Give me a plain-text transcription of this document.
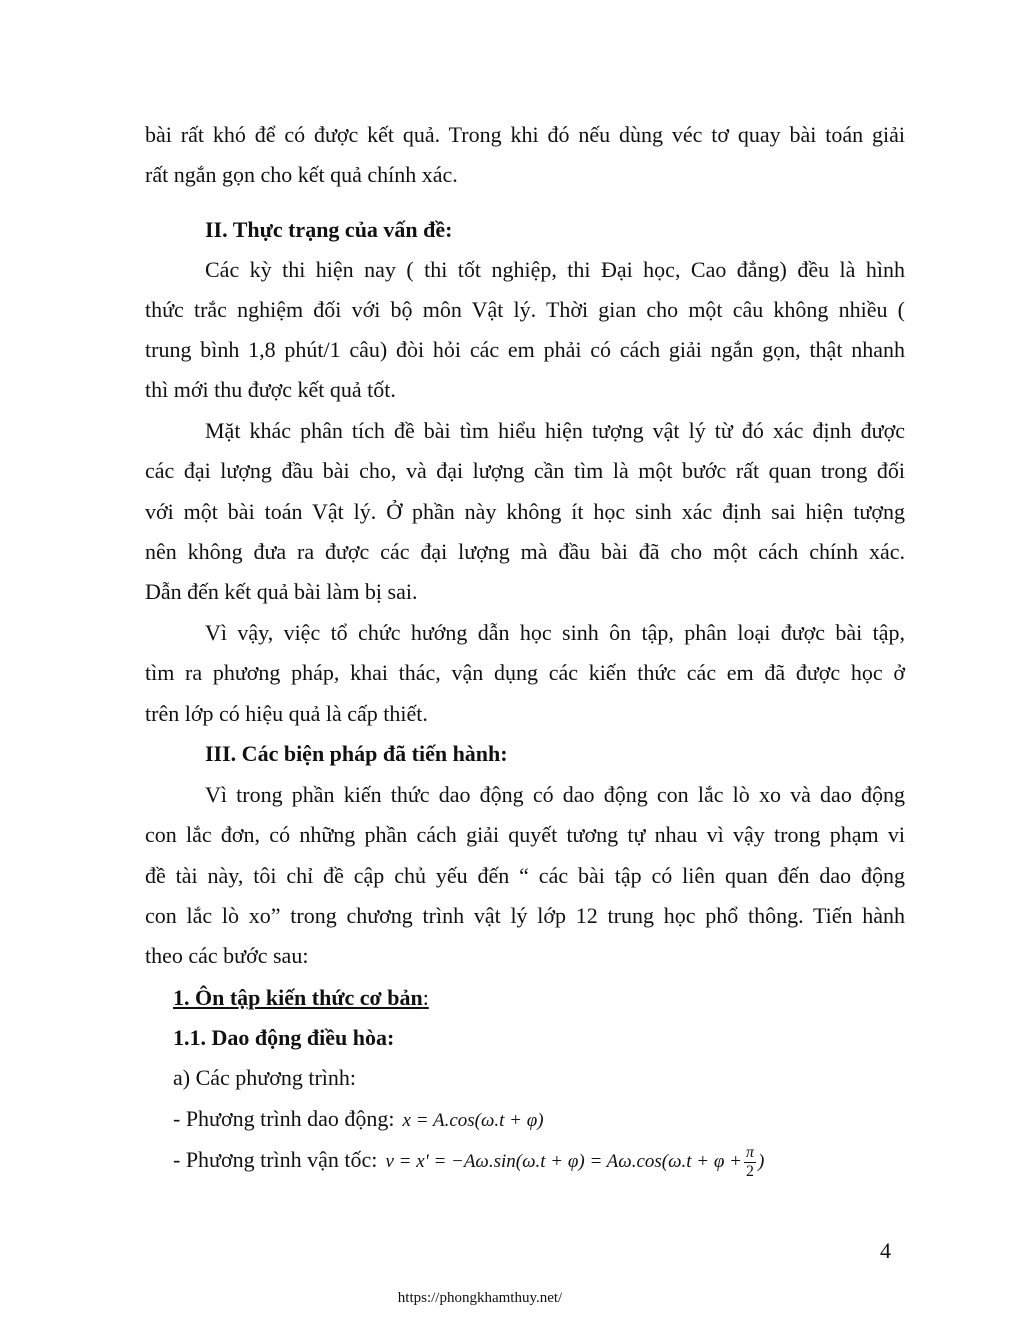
bài rất khó để có được kết quả. Trong khi đó nếu dùng véc tơ quay bài toán giải
rất ngắn gọn cho kết quả chính xác.
II. Thực trạng của vấn đề:
Các kỳ thi hiện nay ( thi tốt nghiệp, thi Đại học, Cao đẳng) đều là hình
thức trắc nghiệm đối với bộ môn Vật lý. Thời gian cho một câu không nhiều (
trung bình 1,8 phút/1 câu) đòi hỏi các em phải có cách giải ngắn gọn, thật nhanh
thì mới thu được kết quả tốt.
Mặt khác phân tích đề bài tìm hiểu hiện tượng vật lý từ đó xác định được
các đại lượng đầu bài cho, và đại lượng cần tìm là một bước rất quan trong đối
với một bài toán Vật lý. Ở phần này không ít học sinh xác định sai hiện tượng
nên không đưa ra được các đại lượng mà đầu bài đã cho một cách chính xác.
Dẫn đến kết quả bài làm bị sai.
Vì vậy, việc tổ chức hướng dẫn học sinh ôn tập, phân loại được bài tập,
tìm ra phương pháp, khai thác, vận dụng các kiến thức các em đã được học ở
trên lớp có hiệu quả là cấp thiết.
III. Các biện pháp đã tiến hành:
Vì trong phần kiến thức dao động có dao động con lắc lò xo và dao động
con lắc đơn, có những phần cách giải quyết tương tự nhau vì vậy trong phạm vi
đề tài này, tôi chỉ đề cập chủ yếu đến “ các bài tập có liên quan đến dao động
con lắc lò xo” trong chương trình vật lý lớp 12 trung học phổ thông. Tiến hành
theo các bước sau:
1. Ôn tập kiến thức cơ bản:
1.1. Dao động điều hòa:
a) Các phương trình:
- Phương trình dao động: x = A.cos(ω.t + φ)
- Phương trình vận tốc: $v = x' = -A\omega.\sin(\omega.t + \varphi) = A\omega.\cos(\omega.t + \varphi + \frac{\pi}{2}$ )
4
https://phongkhamthuy.net/
